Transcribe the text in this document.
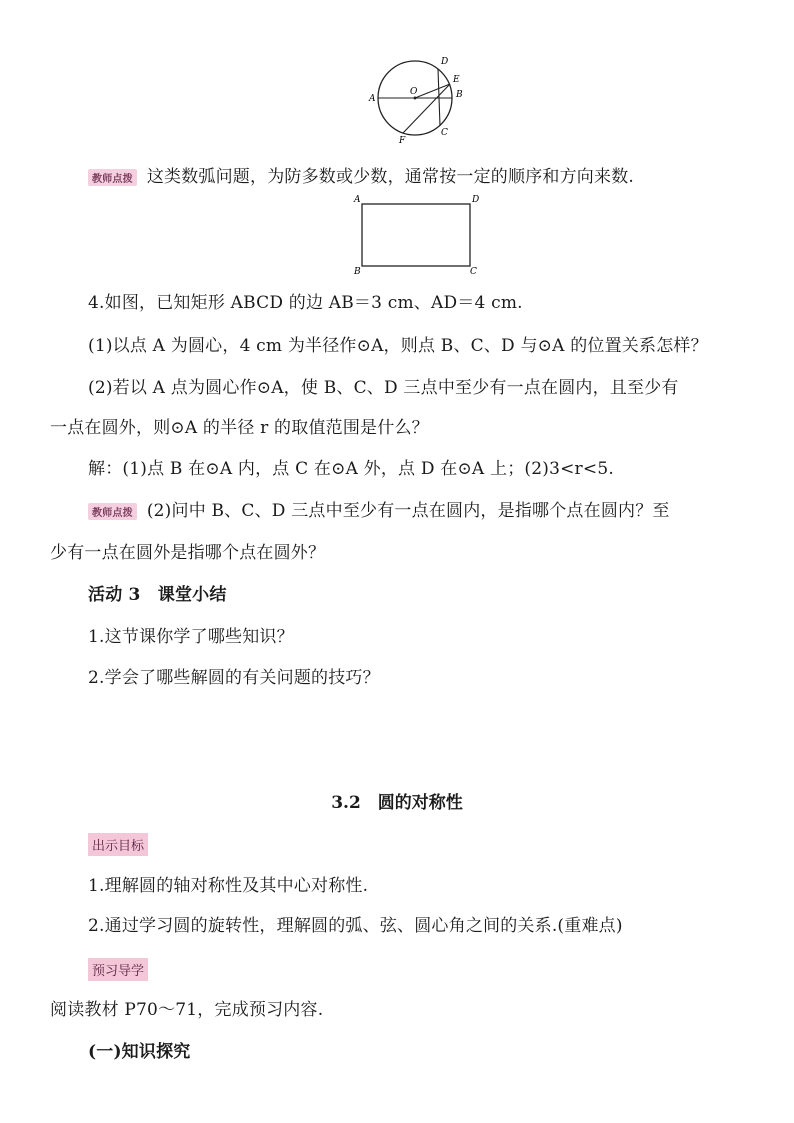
A
O
D
E
B
C
F
教师点拨 这类数弧问题，为防多数或少数，通常按一定的顺序和方向来数.
A	D
B	C
4.如图，已知矩形 ABCD 的边 AB＝3 cm、AD＝4 cm.
(1)以点 A 为圆心，4 cm 为半径作⊙A，则点 B、C、D 与⊙A 的位置关系怎样？
(2)若以 A 点为圆心作⊙A，使 B、C、D 三点中至少有一点在圆内，且至少有
一点在圆外，则⊙A 的半径 r 的取值范围是什么？
解：(1)点 B 在⊙A 内，点 C 在⊙A 外，点 D 在⊙A 上；(2)3<r<5.
教师点拨 (2)问中 B、C、D 三点中至少有一点在圆内，是指哪个点在圆内？至
少有一点在圆外是指哪个点在圆外？
活动 3　课堂小结
1.这节课你学了哪些知识？
2.学会了哪些解圆的有关问题的技巧？
3.2　圆的对称性
出示目标
1.理解圆的轴对称性及其中心对称性.
2.通过学习圆的旋转性，理解圆的弧、弦、圆心角之间的关系.(重难点)
预习导学
阅读教材 P70～71，完成预习内容.
(一)知识探究
